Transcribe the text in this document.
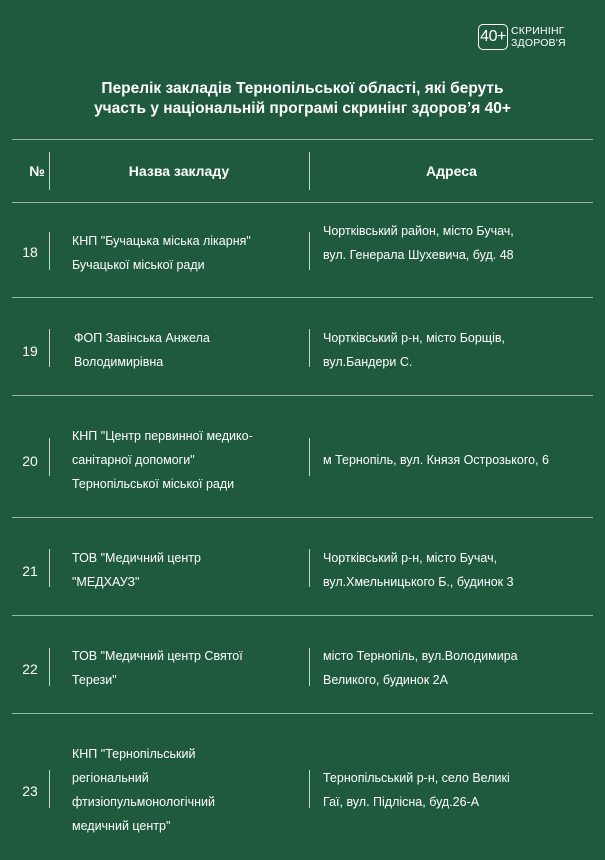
40+ СКРИНІНГ
ЗДОРОВ'Я
Перелік закладів Тернопільської області, які беруть
участь у національній програмі скринінг здоров’я 40+
№	Назва закладу	Адреса
18
КНП "Бучацька міська лікарня"
Бучацької міської ради
Чортківський район, місто Бучач,
вул. Генерала Шухевича, буд. 48
19
ФОП Завінська Анжела
Володимирівна
Чортківський р-н, місто Борщів,
вул.Бандери С.
20
КНП "Центр первинної медико-
санітарної допомоги"
Тернопільської міської ради
м Тернопіль, вул. Князя Острозького, 6
21
ТОВ "Медичний центр
"МЕДХАУЗ"
Чортківський р-н, місто Бучач,
вул.Хмельницького Б., будинок 3
22
ТОВ "Медичний центр Святої
Терези"
місто Тернопіль, вул.Володимира
Великого, будинок 2А
23
КНП "Тернопільський
регіональний
фтизіопульмонологічний
медичний центр"
Тернопільський р-н, село Великі
Гаї, вул. Підлісна, буд.26-А
